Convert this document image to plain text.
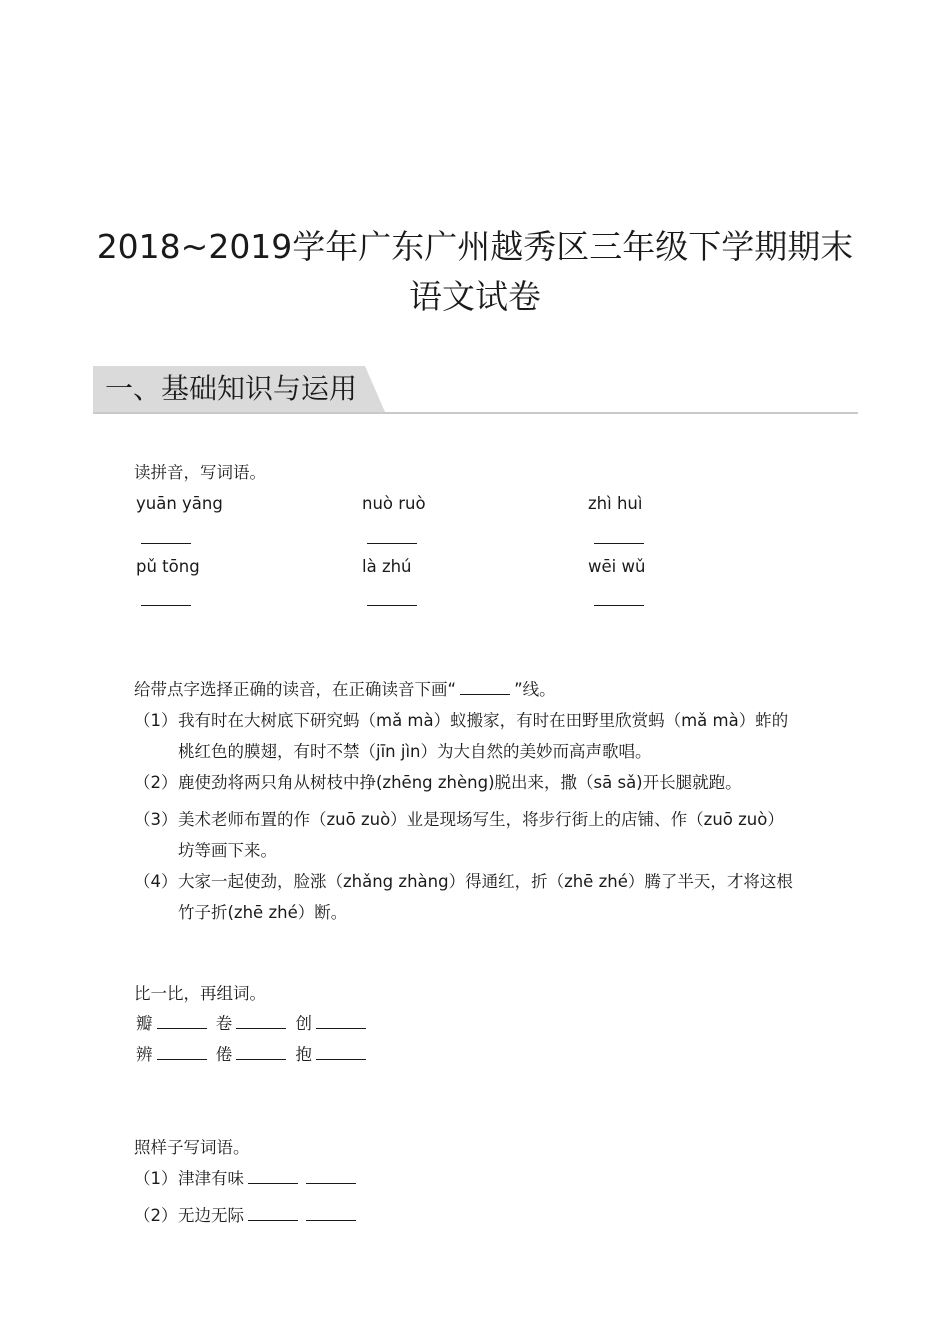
2018~2019学年广东广州越秀区三年级下学期期末
语文试卷
一、基础知识与运用
读拼音，写词语。
yuān yāng	nuò ruò	zhì huì
pǔ tōng	là zhú	wēi wǔ
给带点字选择正确的读音，在正确读音下画“	”线。
（1）我有时在大树底下研究蚂（mǎ mà）蚁搬家，有时在田野里欣赏蚂（mǎ mà）蚱的
桃红色的膜翅，有时不禁（jīn jìn）为大自然的美妙而高声歌唱。
（2）鹿使劲将两只角从树枝中挣(zhēng zhèng)脱出来，撒（sā sǎ)开长腿就跑。
（3）美术老师布置的作（zuō zuò）业是现场写生，将步行街上的店铺、作（zuō zuò）
坊等画下来。
（4）大家一起使劲，脸涨（zhǎng zhàng）得通红，折（zhē zhé）腾了半天，才将这根
竹子折(zhē zhé）断。
比一比，再组词。
瓣	卷	创
辨	倦	抱
照样子写词语。
（1）津津有味
（2）无边无际
